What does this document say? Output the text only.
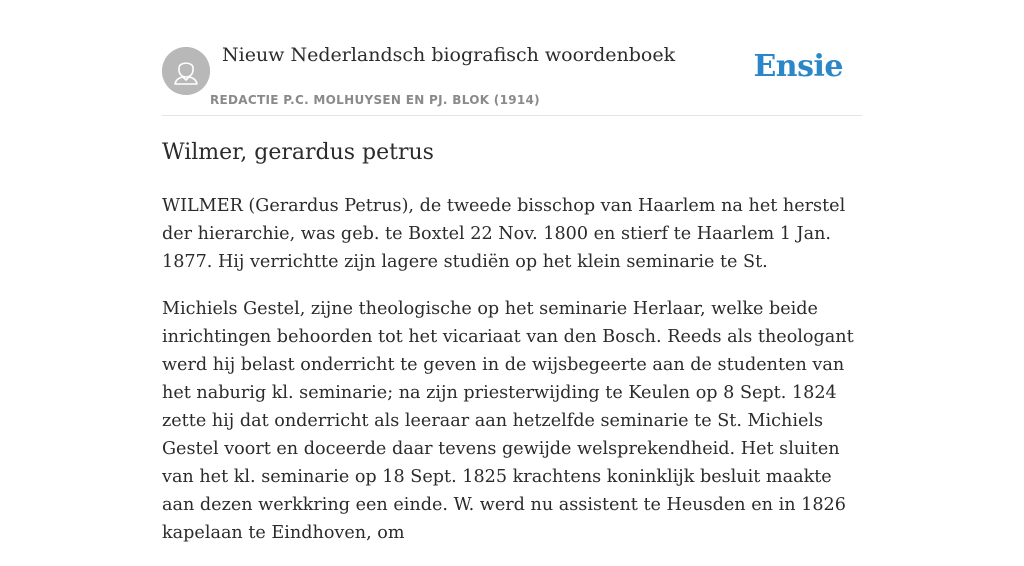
Nieuw Nederlandsch biografisch woordenboek
REDACTIE P.C. MOLHUYSEN EN PJ. BLOK (1914)
Ensie
Wilmer, gerardus petrus

WILMER (Gerardus Petrus), de tweede bisschop van Haarlem na het herstel der hierarchie, was geb. te Boxtel 22 Nov. 1800 en stierf te Haarlem 1 Jan. 1877. Hij verrichtte zijn lagere studiën op het klein seminarie te St.

Michiels Gestel, zijne theologische op het seminarie Herlaar, welke beide inrichtingen behoorden tot het vicariaat van den Bosch. Reeds als theologant werd hij belast onderricht te geven in de wijsbegeerte aan de studenten van het naburig kl. seminarie; na zijn priesterwijding te Keulen op 8 Sept. 1824 zette hij dat onderricht als leeraar aan hetzelfde seminarie te St. Michiels Gestel voort en doceerde daar tevens gewijde welsprekendheid. Het sluiten van het kl. seminarie op 18 Sept. 1825 krachtens koninklijk besluit maakte aan dezen werkkring een einde. W. werd nu assistent te Heusden en in 1826 kapelaan te Eindhoven, om
